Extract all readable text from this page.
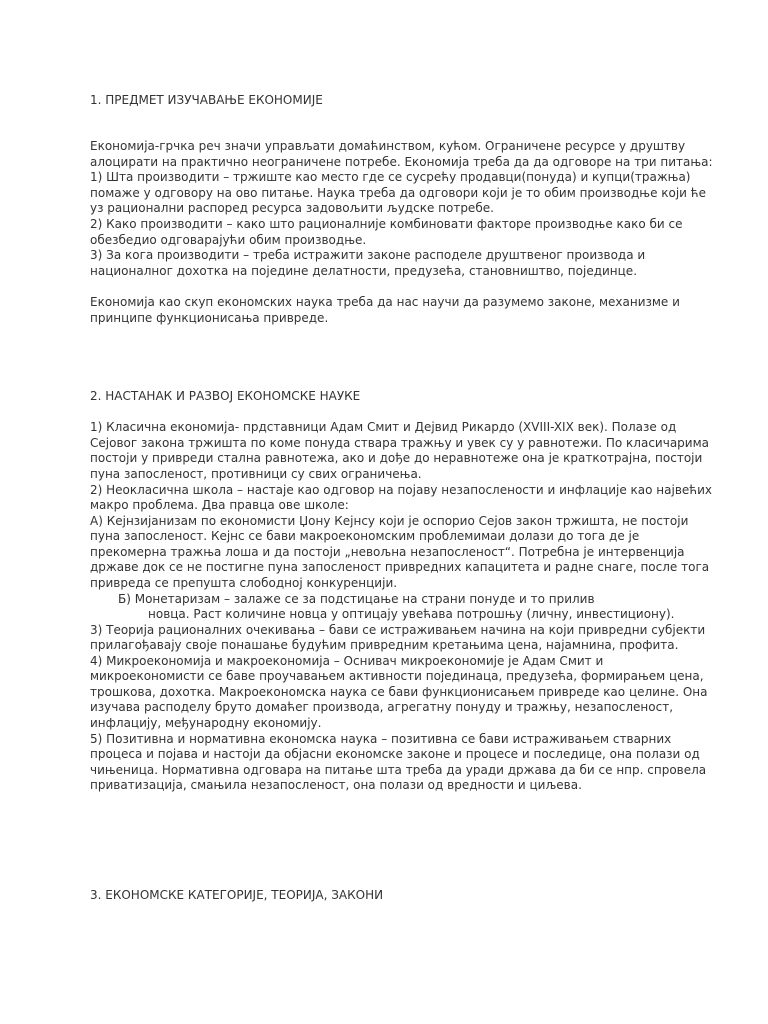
1. ПРЕДМЕТ ИЗУЧАВАЊЕ ЕКОНОМИЈЕ
Економија-грчка реч значи управљати домаћинством, кућом. Ограничене ресурсе у друштву
алоцирати на практично неограничене потребе. Економија треба да да одговоре на три питања:
1) Шта производити – тржиште као место где се сусрећу продавци(понуда) и купци(тражња)
помаже у одговору на ово питање. Наука треба да одговори који је то обим производње који ће
уз рационални распоред ресурса задовољити људске потребе.
2) Како производити – како што рационалније комбиновати факторе производње како би се
обезбедио одговарајући обим производње.
3) За кога производити – треба истражити законе расподеле друштвеног производа и
националног дохотка на поједине делатности, предузећа, становништво, појединце.
Економија као скуп економских наука треба да нас научи да разумемо законе, механизме и
принципе функционисања привреде.
2. НАСТАНАК И РАЗВОЈ ЕКОНОМСКЕ НАУКЕ
1) Класична економија- прдставници Адам Смит и Дејвид Рикардо (XVIII-XIX век). Полазе од
Сејовог закона тржишта по коме понуда ствара тражњу и увек су у равнотежи. По класичарима
постоји у привреди стална равнотежа, ако и дође до неравнотеже она је краткотрајна, постоји
пуна запосленост, противници су свих ограничења.
2) Неокласична школа – настаје као одговор на појаву незапослености и инфлације као највећих
макро проблема. Два правца ове школе:
А) Кејнзијанизам по економисти Џону Кејнсу који је оспорио Сејов закон тржишта, не постоји
пуна запосленост. Кејнс се бави макроекономским проблемимаи долази до тога де је
прекомерна тражња лоша и да постоји „невољна незапосленост“. Потребна је интервенција
државе док се не постигне пуна запосленост привредних капацитета и радне снаге, после тога
привреда се препушта слободној конкуренцији.
Б) Монетаризам – залаже се за подстицање на страни понуде и то прилив
новца. Раст количине новца у оптицају увећава потрошњу (личну, инвестициону).
3) Теорија рационалних очекивања – бави се истраживањем начина на који привредни субјекти
прилагођавају своје понашање будућим привредним кретањима цена, најамнина, профита.
4) Микроекономија и макроекономија – Оснивач микроекономије је Адам Смит и
микроекономисти се баве проучавањем активности појединаца, предузећа, формирањем цена,
трошкова, дохотка. Макроекономска наука се бави функционисањем привреде као целине. Она
изучава расподелу бруто домаћег производа, агрегатну понуду и тражњу, незапосленост,
инфлацију, међународну економију.
5) Позитивна и нормативна економска наука – позитивна се бави истраживањем стварних
процеса и појава и настоји да објасни економске законе и процесе и последице, она полази од
чињеница. Нормативна одговара на питање шта треба да уради држава да би се нпр. спровела
приватизација, смањила незапосленост, она полази од вредности и циљева.
3. ЕКОНОМСКЕ КАТЕГОРИЈЕ, ТЕОРИЈА, ЗАКОНИ
